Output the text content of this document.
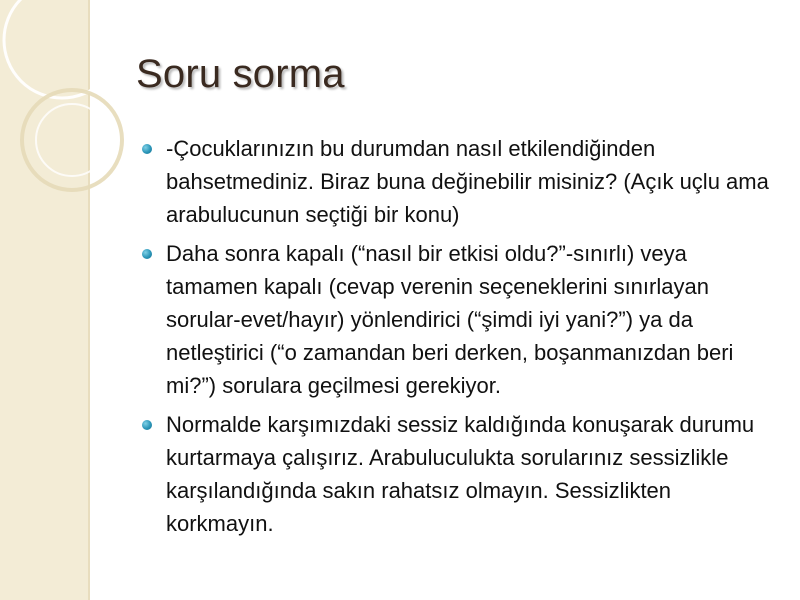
Soru sorma
-Çocuklarınızın bu durumdan nasıl etkilendiğinden bahsetmediniz. Biraz buna değinebilir misiniz? (Açık uçlu ama arabulucunun seçtiği bir konu)
Daha sonra kapalı (“nasıl bir etkisi oldu?”-sınırlı) veya tamamen kapalı (cevap verenin seçeneklerini sınırlayan sorular-evet/hayır) yönlendirici (“şimdi iyi yani?”) ya da netleştirici (“o zamandan beri derken, boşanmanızdan beri mi?”) sorulara geçilmesi gerekiyor.
Normalde karşımızdaki sessiz kaldığında konuşarak durumu kurtarmaya çalışırız. Arabuluculukta sorularınız sessizlikle karşılandığında sakın rahatsız olmayın. Sessizlikten korkmayın.
